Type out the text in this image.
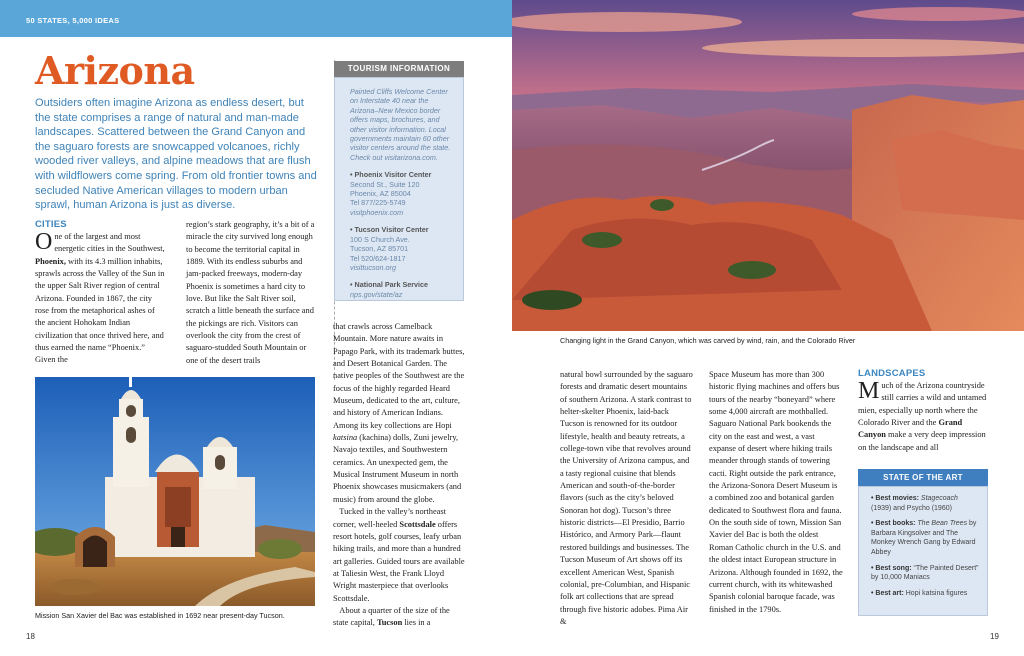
50 STATES, 5,000 IDEAS
Arizona

Outsiders often imagine Arizona as endless desert, but the state comprises a range of natural and man-made landscapes. Scattered between the Grand Canyon and the saguaro forests are snowcapped volcanoes, richly wooded river valleys, and alpine meadows that are flush with wildflowers come spring. From old frontier towns and secluded Native American villages to modern urban sprawl, human Arizona is just as diverse.

CITIES
One of the largest and most energetic cities in the Southwest, Phoenix, with its 4.3 million inhabits, sprawls across the Valley of the Sun in the upper Salt River region of central Arizona. Founded in 1867, the city rose from the metaphorical ashes of the ancient Hohokam Indian civilization that once thrived here, and thus earned the name “Phoenix.” Given the
region’s stark geography, it’s a bit of a miracle the city survived long enough to become the territorial capital in 1889. With its endless suburbs and jam-packed freeways, modern-day Phoenix is sometimes a hard city to love. But like the Salt River soil, scratch a little beneath the surface and the pickings are rich. Visitors can overlook the city from the crest of saguaro-studded South Mountain or one of the desert trails
TOURISM INFORMATION
Painted Cliffs Welcome Center on Interstate 40 near the Arizona–New Mexico border offers maps, brochures, and other visitor information. Local governments maintain 60 other visitor centers around the state. Check out visitarizona.com.
• Phoenix Visitor Center
Second St., Suite 120
Phoenix, AZ 85004
Tel 877/225-5749
visitphoenix.com
• Tucson Visitor Center
100 S Church Ave.
Tucson, AZ 85701
Tel 520/624-1817
visittucson.org
• National Park Service
nps.gov/state/az
that crawls across Camelback Mountain. More nature awaits in Papago Park, with its trademark buttes, and Desert Botanical Garden. The native peoples of the Southwest are the focus of the highly regarded Heard Museum, dedicated to the art, culture, and history of American Indians. Among its key collections are Hopi katsina (kachina) dolls, Zuni jewelry, Navajo textiles, and Southwestern ceramics. An unexpected gem, the Musical Instrument Museum in north Phoenix showcases musicmakers (and music) from around the globe.
Tucked in the valley’s northeast corner, well-heeled Scottsdale offers resort hotels, golf courses, leafy urban hiking trails, and more than a hundred art galleries. Guided tours are available at Taliesin West, the Frank Lloyd Wright masterpiece that overlooks Scottsdale.
About a quarter of the size of the state capital, Tucson lies in a
Mission San Xavier del Bac was established in 1692 near present-day Tucson.
Changing light in the Grand Canyon, which was carved by wind, rain, and the Colorado River
natural bowl surrounded by the saguaro forests and dramatic desert mountains of southern Arizona. A stark contrast to helter-skelter Phoenix, laid-back Tucson is renowned for its outdoor lifestyle, health and beauty retreats, a college-town vibe that revolves around the University of Arizona campus, and a tasty regional cuisine that blends American and south-of-the-border flavors (such as the city’s beloved Sonoran hot dog). Tucson’s three historic districts—El Presidio, Barrio Histórico, and Armory Park—flaunt restored buildings and businesses. The Tucson Museum of Art shows off its excellent American West, Spanish colonial, pre-Columbian, and Hispanic folk art collections that are spread through five historic adobes. Pima Air &
Space Museum has more than 300 historic flying machines and offers bus tours of the nearby “boneyard” where some 4,000 aircraft are mothballed. Saguaro National Park bookends the city on the east and west, a vast expanse of desert where hiking trails meander through stands of towering cacti. Right outside the park entrance, the Arizona-Sonora Desert Museum is a combined zoo and botanical garden dedicated to Southwest flora and fauna. On the south side of town, Mission San Xavier del Bac is both the oldest Roman Catholic church in the U.S. and the oldest intact European structure in Arizona. Although founded in 1692, the current church, with its whitewashed Spanish colonial baroque facade, was finished in the 1790s.
LANDSCAPES
Much of the Arizona countryside still carries a wild and untamed mien, especially up north where the Colorado River and the Grand Canyon make a very deep impression on the landscape and all
STATE OF THE ART
• Best movies: Stagecoach (1939) and Psycho (1960)
• Best books: The Bean Trees by Barbara Kingsolver and The Monkey Wrench Gang by Edward Abbey
• Best song: “The Painted Desert” by 10,000 Maniacs
• Best art: Hopi katsina figures
18	19
